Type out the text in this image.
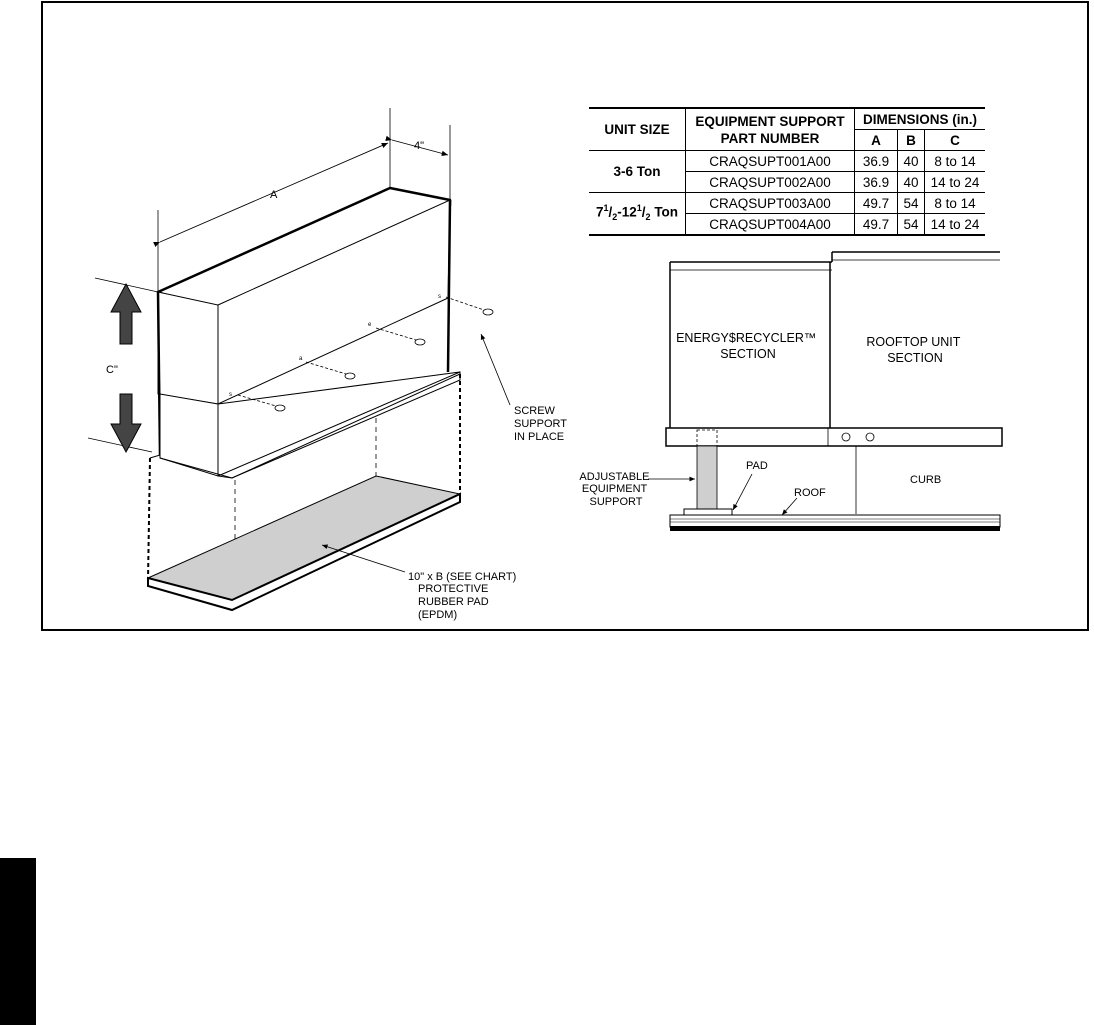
A
4"
s
a
e
s
C"
SCREW SUPPORT IN PLACE
10" x B (SEE CHART) PROTECTIVE RUBBER PAD (EPDM)
ENERGY$RECYCLER™ SECTION
ROOFTOP UNIT SECTION
ADJUSTABLE EQUIPMENT SUPPORT
PAD
ROOF
CURB
UNIT SIZE	EQUIPMENT SUPPORT
PART NUMBER	DIMENSIONS (in.)		
		A	B	C
3-6 Ton	CRAQSUPT001A00	36.9	40	8 to 14
	CRAQSUPT002A00	36.9	40	14 to 24
$7^1/_2-12^1/_2$ Ton	CRAQSUPT003A00	49.7	54	8 to 14
	CRAQSUPT004A00	49.7	54	14 to 24
